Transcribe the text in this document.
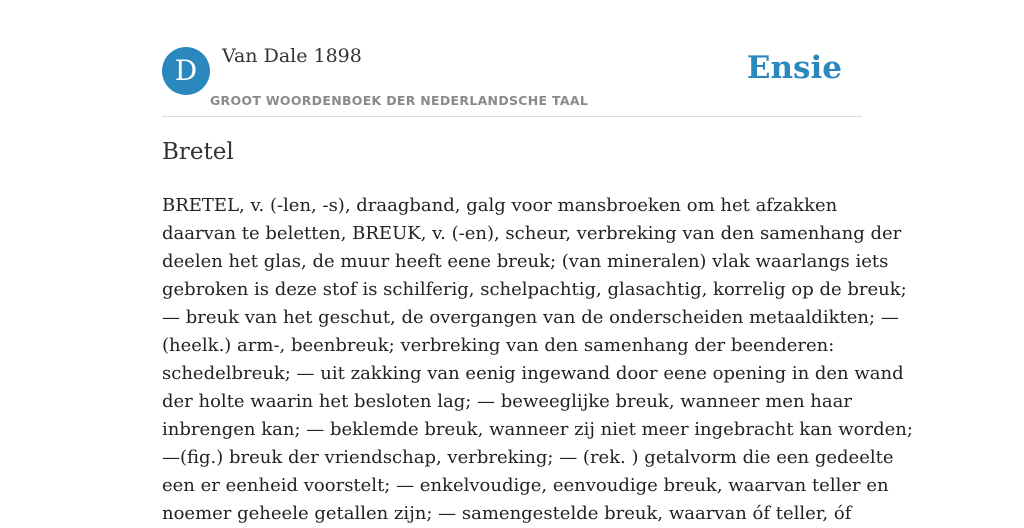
D	Van Dale 1898
GROOT WOORDENBOEK DER NEDERLANDSCHE TAAL
Ensie
Bretel
BRETEL, v. (-len, -s), draagband, galg voor mansbroeken om het afzakken
daarvan te beletten, BREUK, v. (-en), scheur, verbreking van den samenhang der
deelen het glas, de muur heeft eene breuk; (van mineralen) vlak waarlangs iets
gebroken is deze stof is schilferig, schelpachtig, glasachtig, korrelig op de breuk;
— breuk van het geschut, de overgangen van de onderscheiden metaaldikten; —
(heelk.) arm-, beenbreuk; verbreking van den samenhang der beenderen:
schedelbreuk; — uit zakking van eenig ingewand door eene opening in den wand
der holte waarin het besloten lag; — beweeglijke breuk, wanneer men haar
inbrengen kan; — beklemde breuk, wanneer zij niet meer ingebracht kan worden;
—(fig.) breuk der vriendschap, verbreking; — (rek. ) getalvorm die een gedeelte
een er eenheid voorstelt; — enkelvoudige, eenvoudige breuk, waarvan teller en
noemer geheele getallen zijn; — samengestelde breuk, waarvan óf teller, óf
